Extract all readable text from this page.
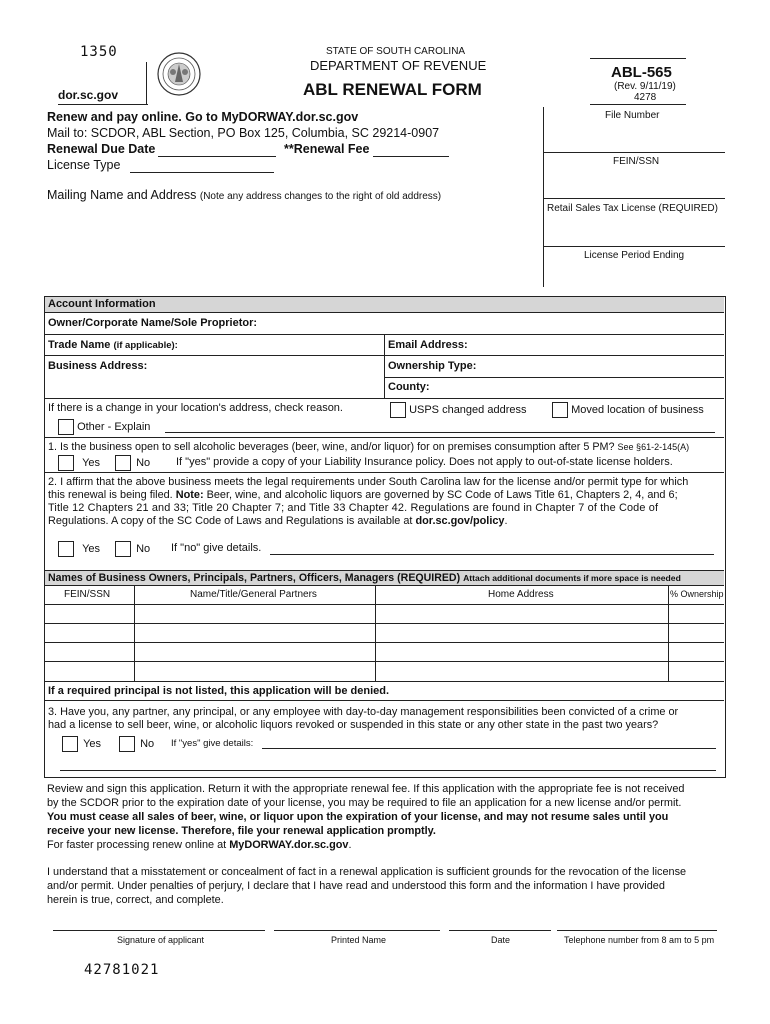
1350
dor.sc.gov
STATE OF SOUTH CAROLINA
DEPARTMENT OF REVENUE
ABL RENEWAL FORM
ABL-565
(Rev. 9/11/19)
4278
Renew and pay online. Go to MyDORWAY.dor.sc.gov
Mail to: SCDOR, ABL Section, PO Box 125, Columbia, SC 29214-0907
Renewal Due Date	**Renewal Fee
License Type
Mailing Name and Address (Note any address changes to the right of old address)
File Number
FEIN/SSN
Retail Sales Tax License (REQUIRED)
License Period Ending
Account Information
Owner/Corporate Name/Sole Proprietor:
Trade Name (if applicable):	Email Address:
Business Address:	Ownership Type:
County:
If there is a change in your location's address, check reason.	USPS changed address	Moved location of business
Other - Explain
1. Is the business open to sell alcoholic beverages (beer, wine, and/or liquor) for on premises consumption after 5 PM? See §61-2-145(A)
Yes	No If "yes" provide a copy of your Liability Insurance policy. Does not apply to out-of-state license holders.
2. I affirm that the above business meets the legal requirements under South Carolina law for the license and/or permit type for which
this renewal is being filed. Note: Beer, wine, and alcoholic liquors are governed by SC Code of Laws Title 61, Chapters 2, 4, and 6;
Title 12 Chapters 21 and 33; Title 20 Chapter 7; and Title 33 Chapter 42. Regulations are found in Chapter 7 of the Code of
Regulations. A copy of the SC Code of Laws and Regulations is available at dor.sc.gov/policy.
Yes	No If "no" give details.
Names of Business Owners, Principals, Partners, Officers, Managers (REQUIRED) Attach additional documents if more space is needed
FEIN/SSN	Name/Title/General Partners	Home Address	% Ownership
If a required principal is not listed, this application will be denied.
3. Have you, any partner, any principal, or any employee with day-to-day management responsibilities been convicted of a crime or
had a license to sell beer, wine, or alcoholic liquors revoked or suspended in this state or any other state in the past two years?
Yes	No If "yes" give details:
Review and sign this application. Return it with the appropriate renewal fee. If this application with the appropriate fee is not received
by the SCDOR prior to the expiration date of your license, you may be required to file an application for a new license and/or permit.
You must cease all sales of beer, wine, or liquor upon the expiration of your license, and may not resume sales until you
receive your new license. Therefore, file your renewal application promptly.
For faster processing renew online at MyDORWAY.dor.sc.gov.
I understand that a misstatement or concealment of fact in a renewal application is sufficient grounds for the revocation of the license
and/or permit. Under penalties of perjury, I declare that I have read and understood this form and the information I have provided
herein is true, correct, and complete.
Signature of applicant	Printed Name	Date	Telephone number from 8 am to 5 pm
42781021
